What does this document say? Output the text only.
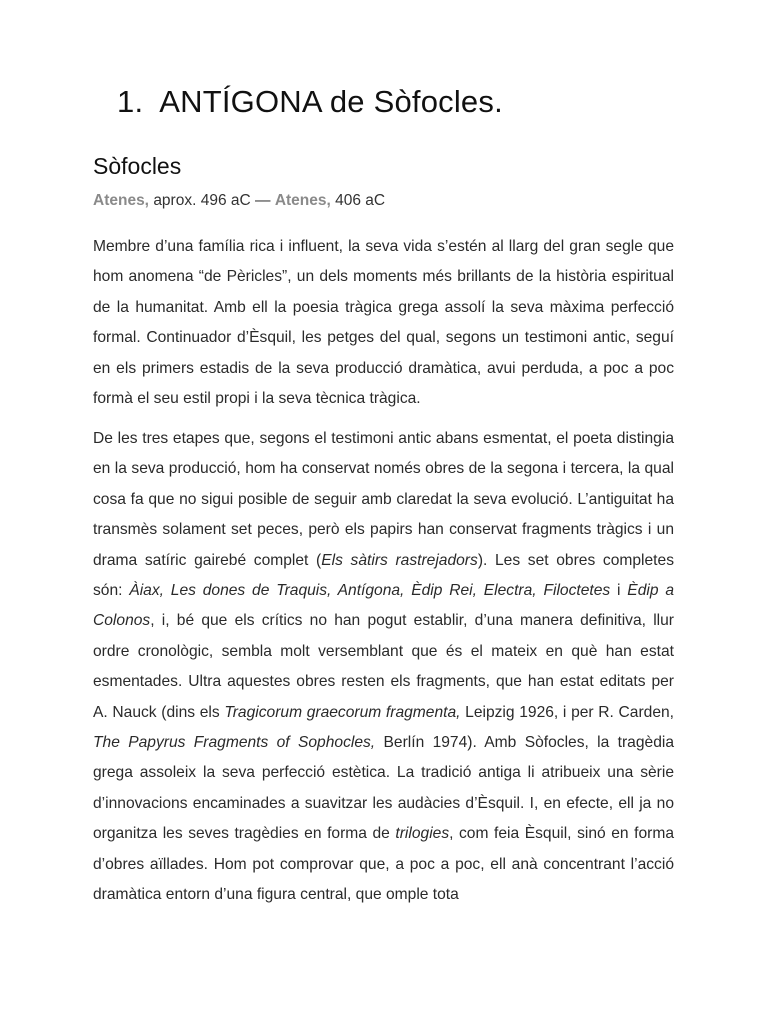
1. ANTÍGONA de Sòfocles.
Sòfocles
Atenes, aprox. 496 aC — Atenes, 406 aC

Membre d’una família rica i influent, la seva vida s’estén al llarg del gran segle que hom anomena “de Pèricles”, un dels moments més brillants de la història espiritual de la humanitat. Amb ell la poesia tràgica grega assolí la seva màxima perfecció formal. Continuador d’Èsquil, les petges del qual, segons un testimoni antic, seguí en els primers estadis de la seva producció dramàtica, avui perduda, a poc a poc formà el seu estil propi i la seva tècnica tràgica.

De les tres etapes que, segons el testimoni antic abans esmentat, el poeta distingia en la seva producció, hom ha conservat només obres de la segona i tercera, la qual cosa fa que no sigui posible de seguir amb claredat la seva evolució. L’antiguitat ha transmès solament set peces, però els papirs han conservat fragments tràgics i un drama satíric gairebé complet (Els sàtirs rastrejadors). Les set obres completes són: Àiax, Les dones de Traquis, Antígona, Èdip Rei, Electra, Filoctetes i Èdip a Colonos, i, bé que els crítics no han pogut establir, d’una manera definitiva, llur ordre cronològic, sembla molt versemblant que és el mateix en què han estat esmentades. Ultra aquestes obres resten els fragments, que han estat editats per A. Nauck (dins els Tragicorum graecorum fragmenta, Leipzig 1926, i per R. Carden, The Papyrus Fragments of Sophocles, Berlín 1974). Amb Sòfocles, la tragèdia grega assoleix la seva perfecció estètica. La tradició antiga li atribueix una sèrie d’innovacions encaminades a suavitzar les audàcies d’Èsquil. I, en efecte, ell ja no organitza les seves tragèdies en forma de trilogies, com feia Èsquil, sinó en forma d’obres aïllades. Hom pot comprovar que, a poc a poc, ell anà concentrant l’acció dramàtica entorn d’una figura central, que omple tota
